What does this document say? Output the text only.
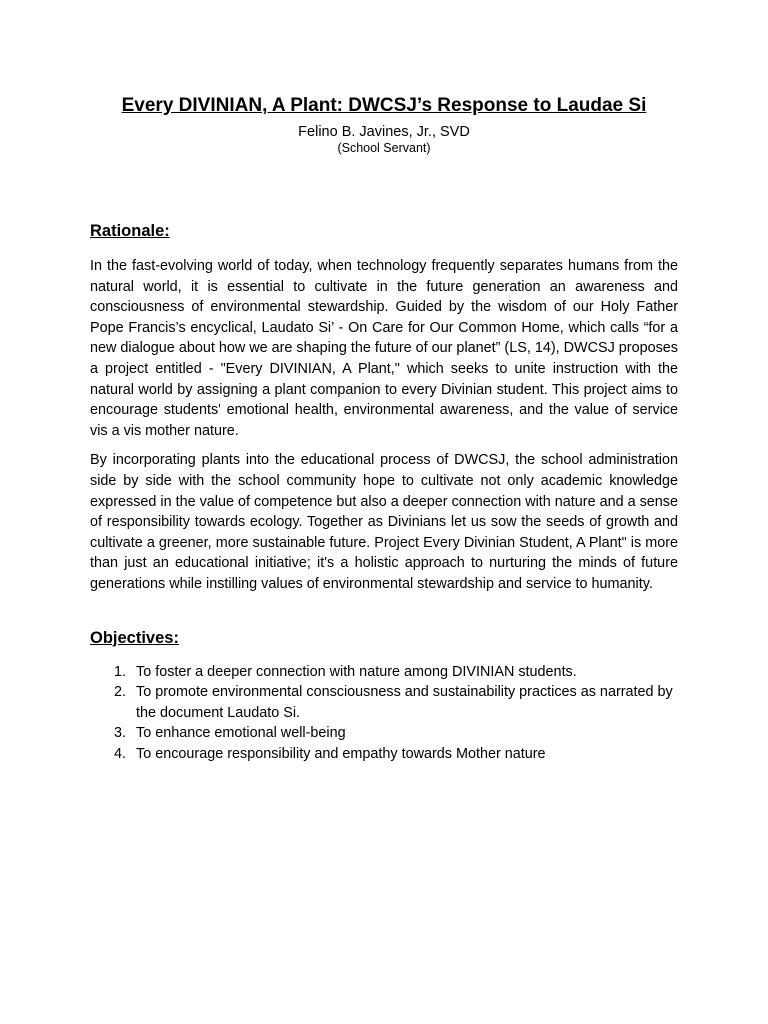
Every DIVINIAN, A Plant: DWCSJ’s Response to Laudae Si
Felino B. Javines, Jr., SVD
(School Servant)
Rationale:

In the fast-evolving world of today, when technology frequently separates humans from the natural world, it is essential to cultivate in the future generation an awareness and consciousness of environmental stewardship. Guided by the wisdom of our Holy Father Pope Francis’s encyclical, Laudato Si’ - On Care for Our Common Home, which calls “for a new dialogue about how we are shaping the future of our planet” (LS, 14), DWCSJ proposes a project entitled - "Every DIVINIAN, A Plant," which seeks to unite instruction with the natural world by assigning a plant companion to every Divinian student. This project aims to encourage students' emotional health, environmental awareness, and the value of service vis a vis mother nature.

By incorporating plants into the educational process of DWCSJ, the school administration side by side with the school community hope to cultivate not only academic knowledge expressed in the value of competence but also a deeper connection with nature and a sense of responsibility towards ecology. Together as Divinians let us sow the seeds of growth and cultivate a greener, more sustainable future. Project Every Divinian Student, A Plant" is more than just an educational initiative; it's a holistic approach to nurturing the minds of future generations while instilling values of environmental stewardship and service to humanity.

Objectives:
1. To foster a deeper connection with nature among DIVINIAN students.
2. To promote environmental consciousness and sustainability practices as narrated by the document Laudato Si.
3. To enhance emotional well-being
4. To encourage responsibility and empathy towards Mother nature
